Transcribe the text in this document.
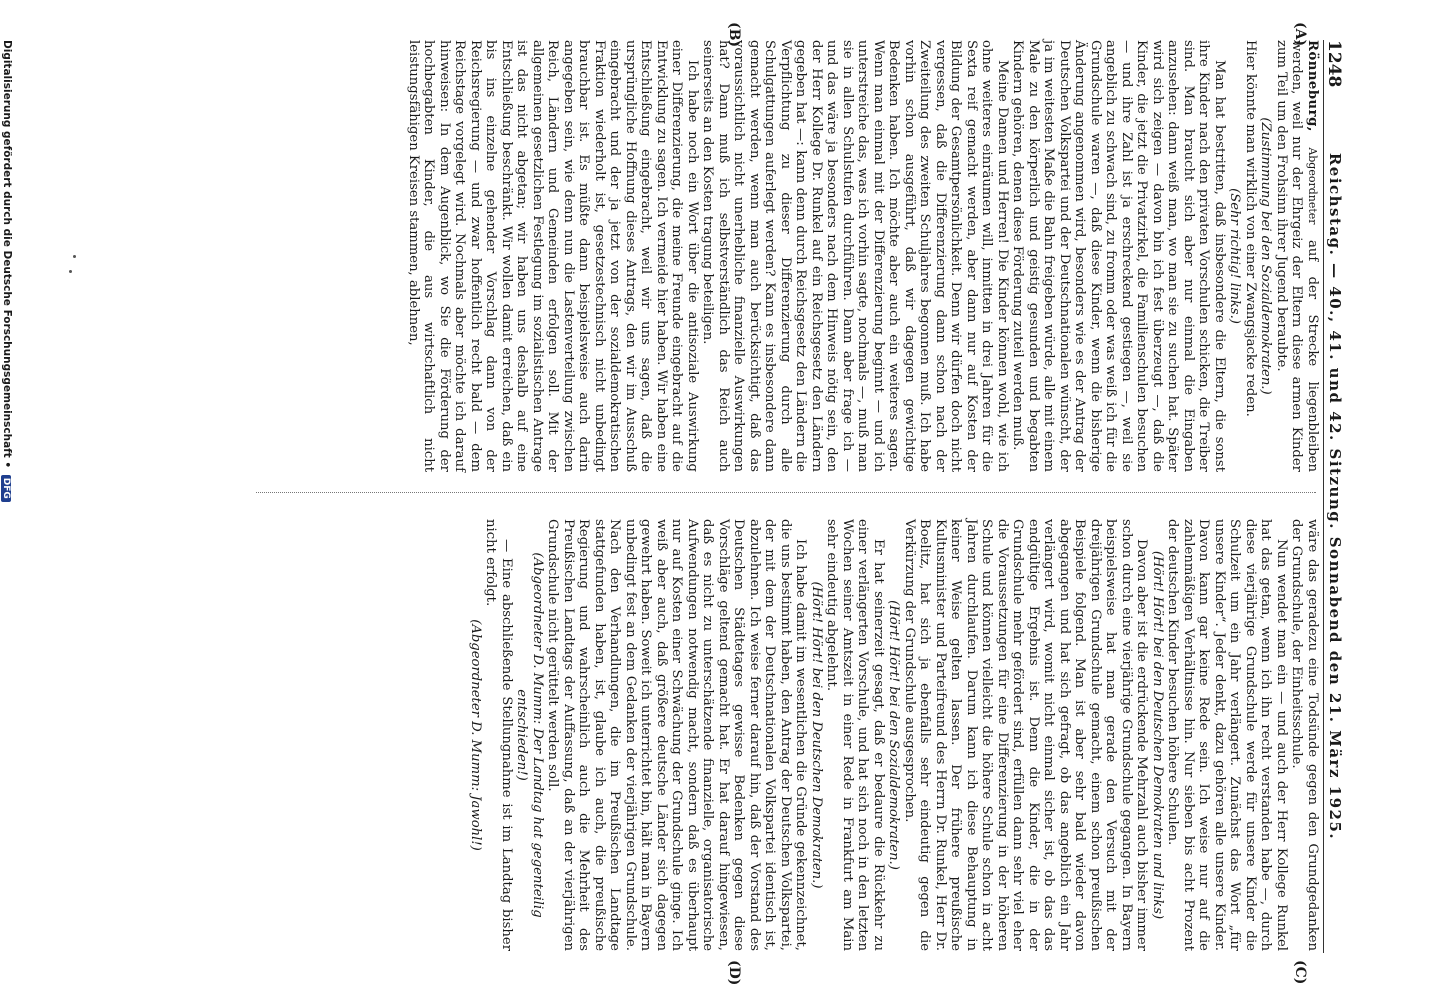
1248
Reichstag. — 40., 41. und 42. Sitzung. Sonnabend den 21. März 1925.
(A)
(B)
(C)
(D)

Rönneburg, Abgeordneter auf der Strecke liegenbleiben werden, weil nur der Ehrgeiz der Eltern diese armen Kinder zum Teil um den Frohsinn ihrer Jugend beraubte.

(Zustimmung bei den Sozialdemokraten.)

Hier könnte man wirklich von einer Zwangsjacke reden.

(Sehr richtig! links.)

Man hat bestritten, daß insbesondere die Eltern, die sonst ihre Kinder nach den privaten Vorschulen schicken, die Treiber sind. Man braucht sich aber nur einmal die Eingaben anzusehen: dann weiß man, wo man sie zu suchen hat. Später wird sich zeigen — davon bin ich fest überzeugt —, daß die Kinder, die jetzt die Privatzirkel, die Familienschulen besuchen — und ihre Zahl ist ja erschreckend gestiegen —, weil sie angeblich zu schwach sind, zu fromm oder was weiß ich für die Grundschule waren —, daß diese Kinder, wenn die bisherige Änderung angenommen wird, besonders wie es der Antrag der Deutschen Volkspartei und der Deutschnationalen wünscht, der ja im weitesten Maße die Bahn freigeben würde, alle mit einem Male zu den körperlich und geistig gesunden und begabten Kindern gehören, denen diese Förderung zuteil werden muß.

Meine Damen und Herren! Die Kinder können wohl, wie ich ohne weiteres einräumen will, inmitten in drei Jahren für die Sexta reif gemacht werden, aber dann nur auf Kosten der Bildung der Gesamtpersönlichkeit. Denn wir dürfen doch nicht vergessen, daß die Differenzierung dann schon nach der Zweiteilung des zweiten Schuljahres begonnen muß. Ich habe vorhin schon ausgeführt, daß wir dagegen gewichtige Bedenken haben. Ich möchte aber auch ein weiteres sagen. Wenn man einmal mit der Differenzierung beginnt — und ich unterstreiche das, was ich vorhin sagte, nochmals —, muß man sie in allen Schulstufen durchführen. Dann aber frage ich — und das wäre ja besonders nach dem Hinweis nötig sein, den der Herr Kollege Dr. Runkel auf ein Reichsgesetz den Ländern gegeben hat —: kann denn durch Reichsgesetz den Ländern die Verpflichtung zu dieser Differenzierung durch alle Schulgattungen auferlegt werden? Kann es insbesondere dann gemacht werden, wenn man auch berücksichtigt, daß das voraussichtlich nicht unerhebliche finanzielle Auswirkungen hat? Dann muß ich selbstverständlich das Reich auch seinerseits an den Kosten tragung beteiligen.

Ich habe noch ein Wort über die antisoziale Auswirkung einer Differenzierung, die meine Freunde eingebracht auf die Entwicklung zu sagen. Ich vermeide hier haben. Wir haben eine Entschließung eingebracht, weil wir uns sagen, daß die ursprüngliche Hoffnung dieses Antrags, den wir im Ausschuß eingebracht und der ja jetzt von der sozialdemokratischen Fraktion wiederholt ist, gesetzestechnisch nicht unbedingt brauchbar ist. Es müßte dann beispielsweise auch darin angegeben sein, wie denn nun die Lastenverteilung zwischen Reich, Ländern und Gemeinden erfolgen soll. Mit der allgemeinen gesetzlichen Festlegung im sozialistischen Antrage ist das nicht abgetan; wir haben uns deshalb auf eine Entschließung beschränkt. Wir wollen damit erreichen, daß ein bis ins einzelne gehender Vorschlag dann von der Reichsregierung — und zwar hoffentlich recht bald — dem Reichstage vorgelegt wird. Nochmals aber möchte ich darauf hinweisen: In dem Augenblick, wo Sie die Förderung der hochbegabten Kinder, die aus wirtschaftlich nicht leistungsfähigen Kreisen stammen, ablehnen,

wäre das geradezu eine Todsünde gegen den Grundgedanken der Grundschule, der Einheitsschule.

Nun wendet man ein — und auch der Herr Kollege Runkel hat das getan, wenn ich ihn recht verstanden habe —, durch diese vierjährige Grundschule werde für unsere Kinder die Schulzeit um ein Jahr verlängert. Zunächst das Wort „für unsere Kinder“. Jeder denkt, dazu gehören alle unsere Kinder. Davon kann gar keine Rede sein. Ich weise nur auf die zahlenmäßigen Verhältnisse hin. Nur sieben bis acht Prozent der deutschen Kinder besuchen höhere Schulen.

(Hört! Hört! bei den Deutschen Demokraten und links)

Davon aber ist die erdrückende Mehrzahl auch bisher immer schon durch eine vierjährige Grundschule gegangen. In Bayern beispielsweise hat man gerade den Versuch mit der dreijährigen Grundschule gemacht, einem schon preußischen Beispiele folgend. Man ist aber sehr bald wieder davon abgegangen und hat sich gefragt, ob das angeblich ein Jahr verlängert wird, womit nicht einmal sicher ist, ob das das endgültige Ergebnis ist. Denn die Kinder, die in der Grundschule mehr gefördert sind, erfüllen dann sehr viel eher die Voraussetzungen für eine Differenzierung in der höheren Schule und können vielleicht die höhere Schule schon in acht Jahren durchlaufen. Darum kann ich diese Behauptung in keiner Weise gelten lassen. Der frühere preußische Kultusminister und Parteifreund des Herrn Dr. Runkel, Herr Dr. Boelitz, hat sich ja ebenfalls sehr eindeutig gegen die Verkürzung der Grundschule ausgesprochen.

(Hört! Hört! bei den Sozialdemokraten.)

Er hat seinerzeit gesagt, daß er bedaure die Rückkehr zu einer verlängerten Vorschule, und hat sich noch in den letzten Wochen seiner Amtszeit in einer Rede in Frankfurt am Main sehr eindeutig abgelehnt.

(Hört! Hört! bei den Deutschen Demokraten.)

Ich habe damit im wesentlichen die Gründe gekennzeichnet, die uns bestimmt haben, den Antrag der Deutschen Volkspartei, der mit dem der Deutschnationalen Volkspartei identisch ist, abzulehnen. Ich weise ferner darauf hin, daß der Vorstand des Deutschen Städtetages gewisse Bedenken gegen diese Vorschläge geltend gemacht hat. Er hat darauf hingewiesen, daß es nicht zu unterschätzende finanzielle, organisatorische Aufwendungen notwendig macht, sondern daß es überhaupt nur auf Kosten einer Schwächung der Grundschule ginge. Ich weiß aber auch, daß größere deutsche Länder sich dagegen gewehrt haben. Soweit ich unterrichtet bin, hält man in Bayern unbedingt fest an dem Gedanken der vierjährigen Grundschule. Nach den Verhandlungen, die im Preußischen Landtage stattgefunden haben, ist, glaube ich auch, die preußische Regierung und wahrscheinlich auch die Mehrheit des Preußischen Landtags der Auffassung, daß an der vierjährigen Grundschule nicht gerüttelt werden soll.

(Abgeordneter D. Mumm: Der Landtag hat gegenteilig entschieden!)

— Eine abschließende Stellungnahme ist im Landtag bisher nicht erfolgt.

(Abgeordneter D. Mumm: Jawohl!)

Digitalisierung gefördert durch die Deutsche Forschungsgemeinschaft • DFG
